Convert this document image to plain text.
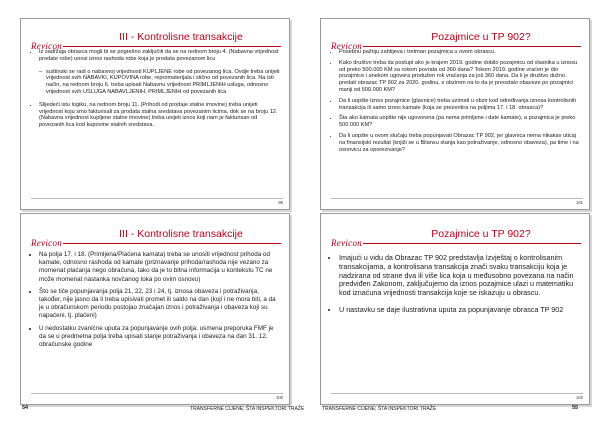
Revicon
III - Kontrolisne transakcije
• Iz sadržaja obrasca mogli bi se pogrešno zaključiti da se na rednom broju 4. (Nabavna vrijednost prodate robe) unosi iznos rashoda robe koja je prodata povezanom licu
– suštinski se radi o nabavnoj vrijednosti KUPLJENE robe od povezanog lica. Ovdje treba unijeti vrijednost svih NABAVKI, KUPOVINA robe, repromaterijala i slično od povezanih lica. Na isti način, na rednom broju 6. treba upisati Nabavnu vrijednost PRIMLJENIH usluga, odnosno vrijednost svih USLUGA NABAVLJENIH, PRIMLJENIH od povezanih lica
• Slijedeći istu logiku, na rednom broju 11. (Prihodi od prodaje stalne imovine) treba unijeti vrijednost koju smo fakturisali za prodata stalna sredstava povezanim licima, dok se na broju 12. (Nabavna vrijednost kupljene stalne imovine) treba unijeti iznos koji nam je fakturisan od povezanih lica kod kupovine stalnih sredstava.
99
Revicon
Pozajmice u TP 902?
• Posebnu pažnju zahtijeva i tretman pozajmica u ovom obrascu.
• Kako društvo treba da postupi ako je krajem 2019. godine dobilo pozajmicu od vlasnika u iznosu od preko 500.000 KM sa rokom povrata od 360 dana? Tokom 2019. godine vraćen je dio pozajmice i anekom ugovora produžen rok vraćanja za još 360 dana. Da li je društvo dužno predati obrazac TP 902 za 2020. godinu, s obzirom na to da je preostalo obaveze po pozajmici manji od 500.000 KM?
• Da li uopšte iznos pozajmice (glavnice) treba uzimati u obzir kod određivanja iznosa kontrolisnih transakcija ili samo iznos kamate (koja se prezentira na poljima 17. i 18. obrasca)?
• Šta ako kamata uopšte nije ugovorena (pa nema primljene i date kamate), a pozajmica je preko 500.000 KM?
• Da li uopšte u ovom slučaju treba popunjavati Obrazac TP 902, jer glavnica nema nikakav uticaj na finansijski rezultat (knjiži se u Bilansu stanja kao potraživanje, odnosno obaveza), pa time i na osnovicu za oporezivanje?
101
Revicon
III - Kontrolisne transakcije
• Na polja 17. i 18. (Primljena/Plaćena kamata) treba se unositi vrijednost prihoda od kamate, odnosno rashoda od kamate (priznavanje prihoda/rashoda nije vezano za momenat plaćanja nego obračuna, tako da je to bitna informacija u kontekstu TC ne može momenat nastanka novčanog toka po ovim osnovu)
• Što se tiče popunjavanja polja 21, 22, 23 i 24, tj. iznosa obaveza i potraživanja, također, nije jasno da li treba upisivati promet ili saldo na dan (koji i ne mora biti, a da je u obračunskom periodu postojao značajan iznos i potraživanja i obaveza koji su napaćeni, tj. plaćeni)
• U nedostatku zvanične uputa za popunjavanje ovih polja, usmena preporuka FMF je da se u predmetna polja treba upisati stanje potraživanja i obaveza na dan 31. 12. obračunske godine
100
Revicon
Pozajmice u TP 902?
• Imajući u vidu da Obrazac TP 902 predstavlja Izvještaj o kontrolisanim transakcijama, a kontrolisana transakcija znači svaku transakciju koja je nadzirana od strane dva ili više lica koja u međusobno povezana na način predviđen Zakonom, zaključujemo da iznos pozajmice ulazi u matematiku kod iznaćuna vrijednosti transakcija koje se iskazuju u obrascu.
• U nastavku se daje ilustrativna uputa za popunjavanje obrasca TP 902
102
54	TRANSFERNE CIJENE; ŠTA INSPEKTORI TRAŽE	TRANSFERNE CIJENE; ŠTA INSPEKTORI TRAŽE	55
